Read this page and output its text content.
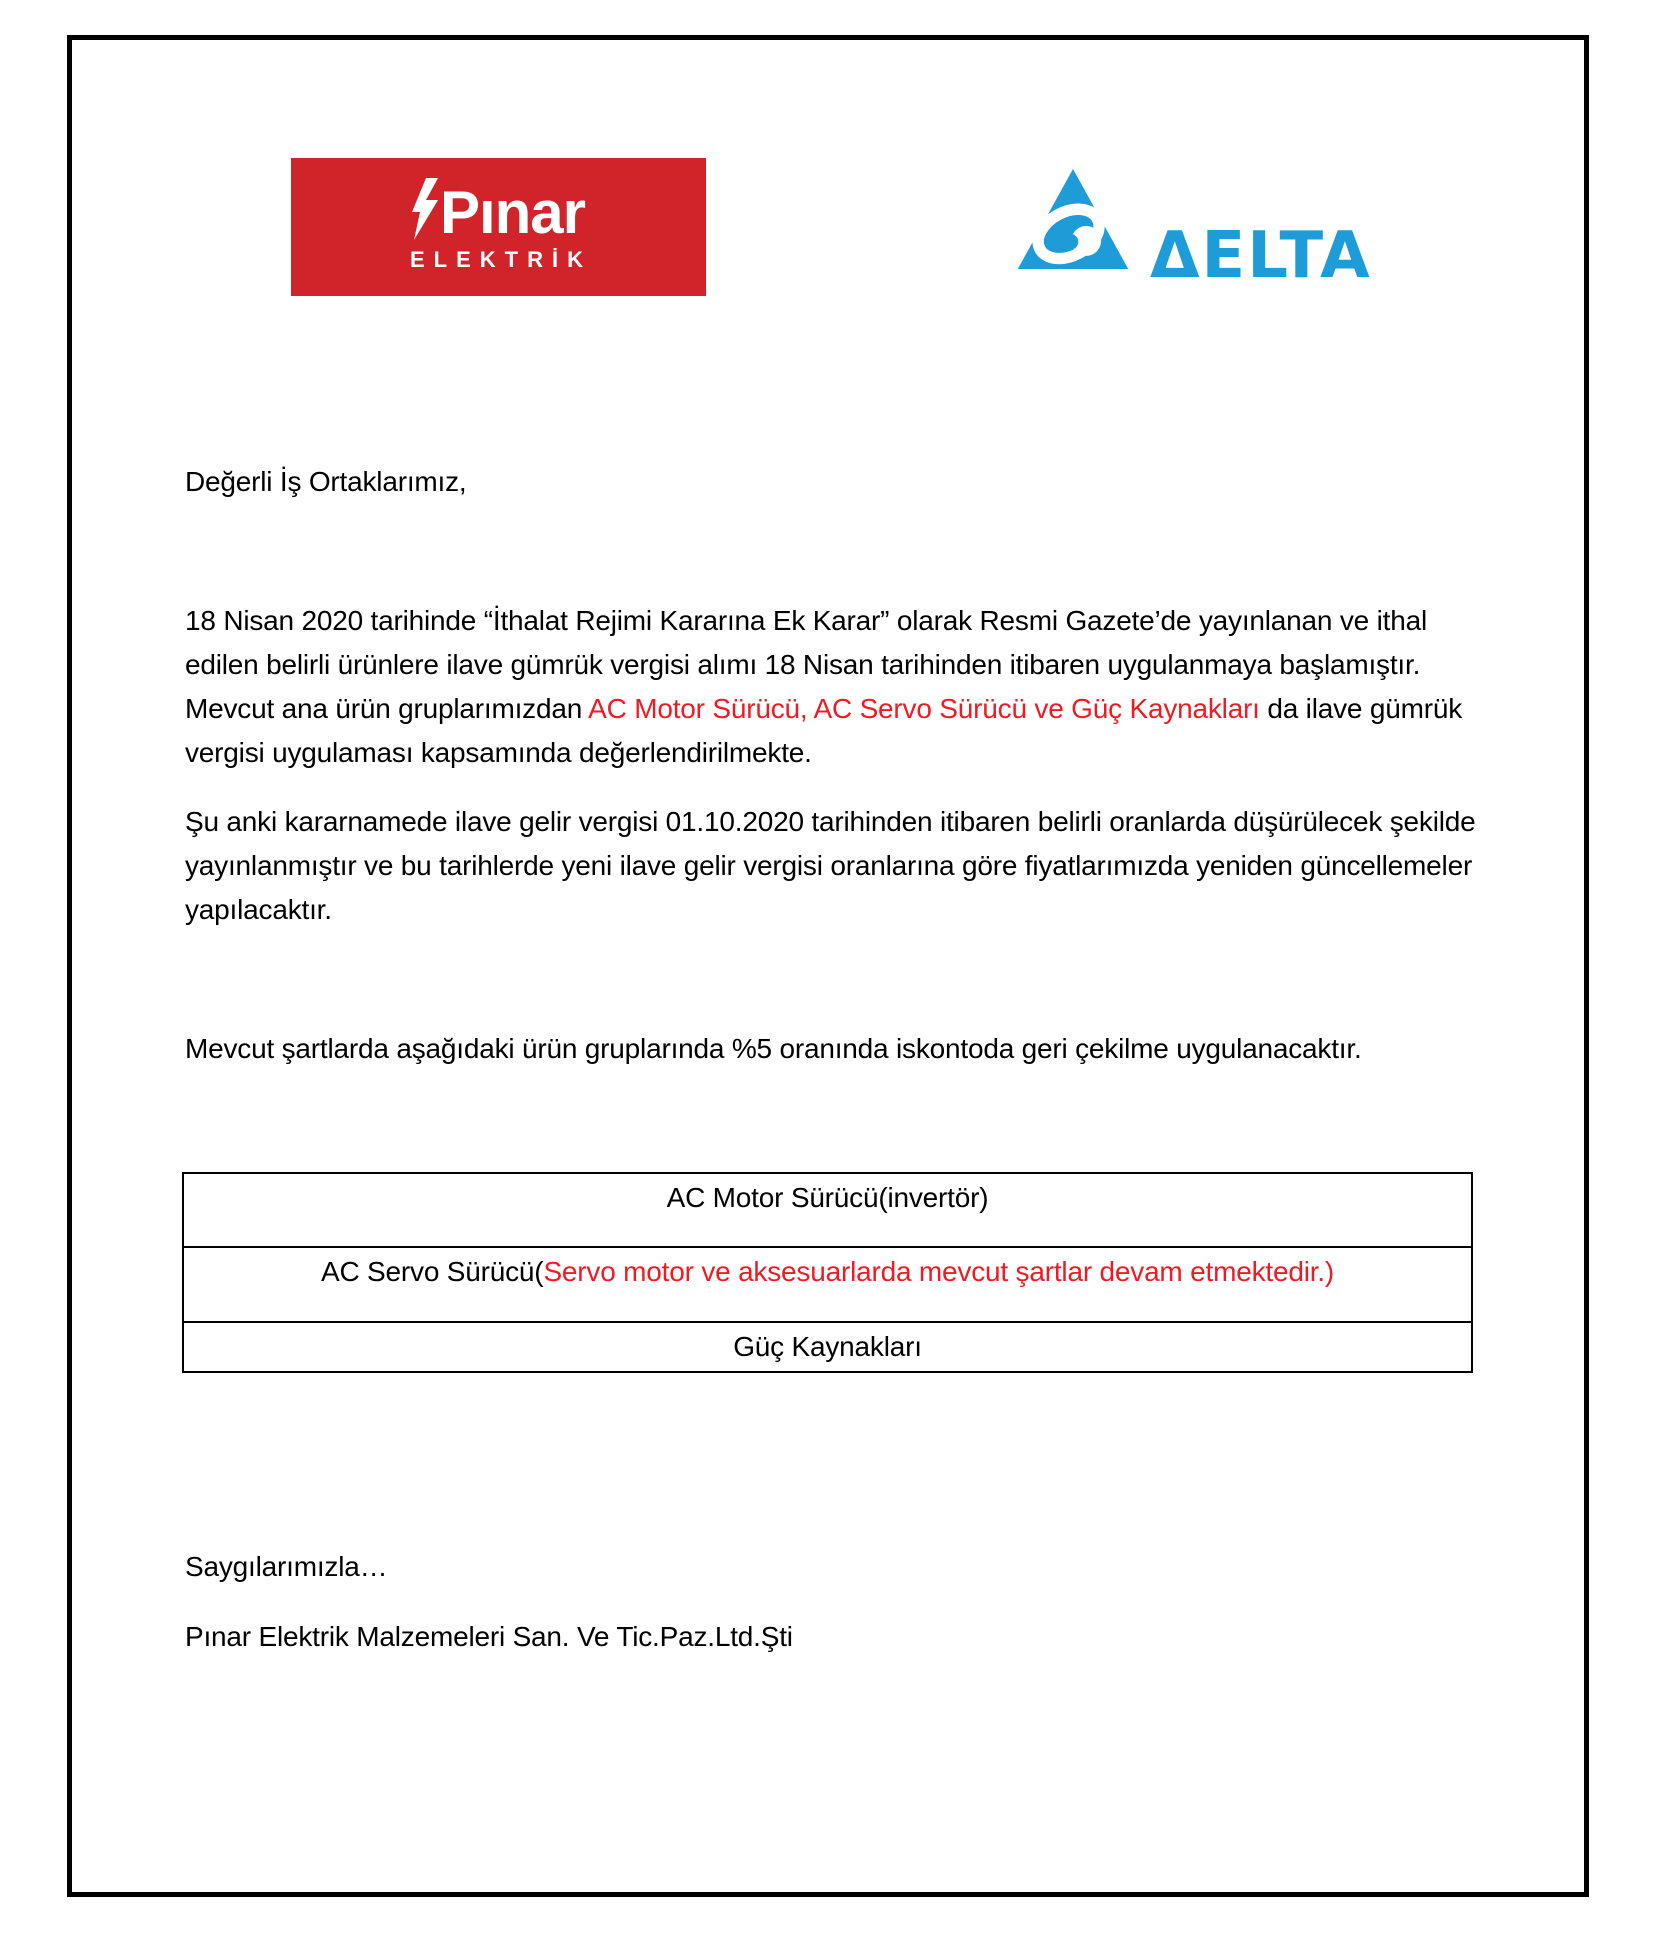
Pınar
ELEKTRİK	ΔELTA
Değerli İş Ortaklarımız,
18 Nisan 2020 tarihinde “İthalat Rejimi Kararına Ek Karar” olarak Resmi Gazete’de yayınlanan ve ithal edilen belirli ürünlere ilave gümrük vergisi alımı 18 Nisan tarihinden itibaren uygulanmaya başlamıştır. Mevcut ana ürün gruplarımızdan AC Motor Sürücü, AC Servo Sürücü ve Güç Kaynakları da ilave gümrük vergisi uygulaması kapsamında değerlendirilmekte.
Şu anki kararnamede ilave gelir vergisi 01.10.2020 tarihinden itibaren belirli oranlarda düşürülecek şekilde yayınlanmıştır ve bu tarihlerde yeni ilave gelir vergisi oranlarına göre fiyatlarımızda yeniden güncellemeler yapılacaktır.
Mevcut şartlarda aşağıdaki ürün gruplarında %5 oranında iskontoda geri çekilme uygulanacaktır.
AC Motor Sürücü(invertör)
AC Servo Sürücü(Servo motor ve aksesuarlarda mevcut şartlar devam etmektedir.)
Güç Kaynakları
Saygılarımızla…
Pınar Elektrik Malzemeleri San. Ve Tic.Paz.Ltd.Şti
